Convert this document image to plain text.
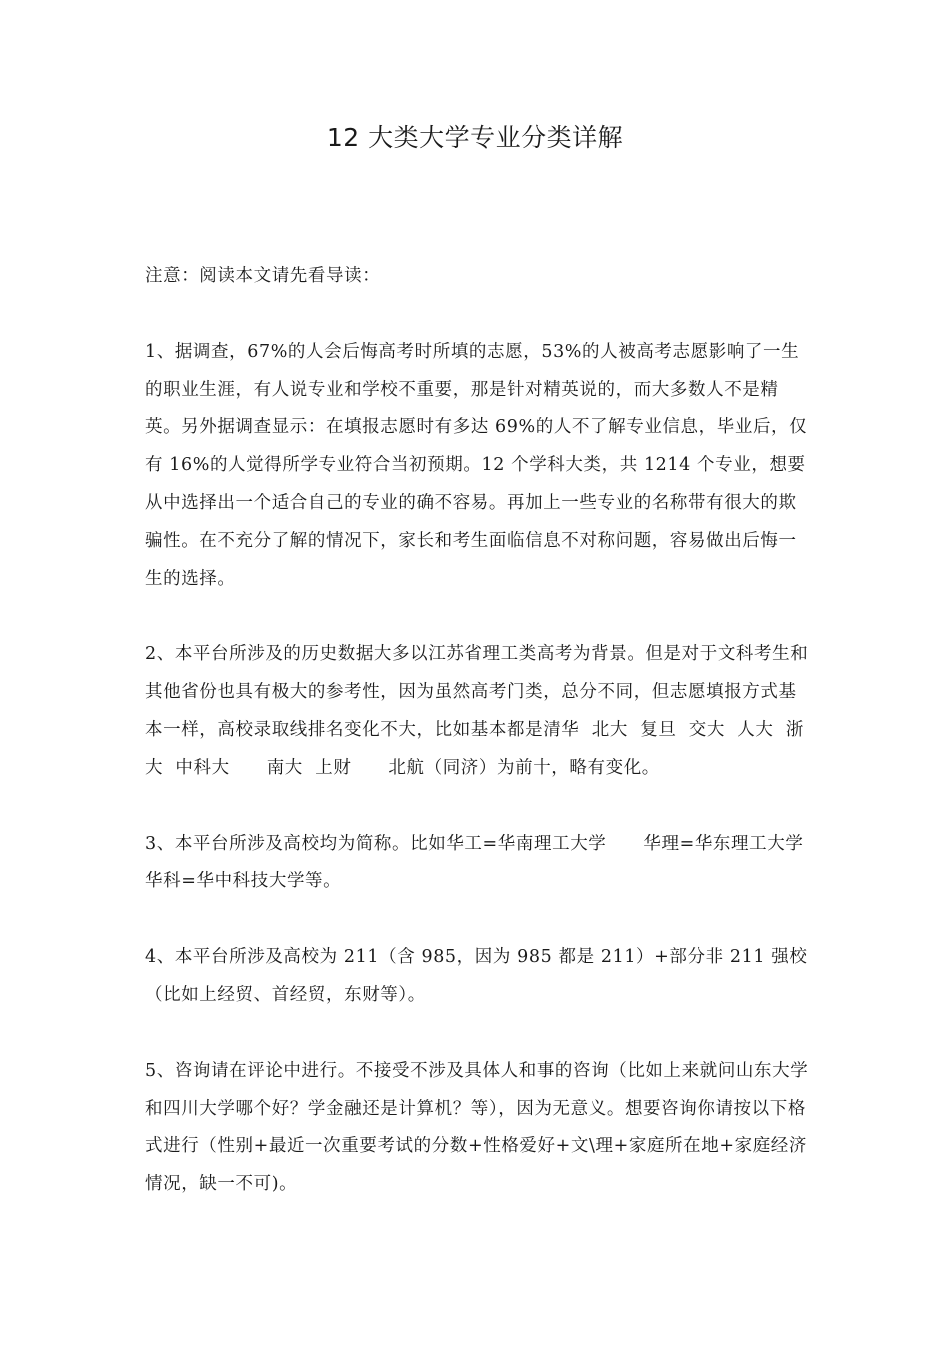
12 大类大学专业分类详解

注意：阅读本文请先看导读：

1、据调查，67%的人会后悔高考时所填的志愿，53%的人被高考志愿影响了一生的职业生涯，有人说专业和学校不重要，那是针对精英说的，而大多数人不是精英。另外据调查显示：在填报志愿时有多达 69%的人不了解专业信息，毕业后，仅有 16%的人觉得所学专业符合当初预期。12 个学科大类，共 1214 个专业，想要从中选择出一个适合自己的专业的确不容易。再加上一些专业的名称带有很大的欺骗性。在不充分了解的情况下，家长和考生面临信息不对称问题，容易做出后悔一生的选择。

2、本平台所涉及的历史数据大多以江苏省理工类高考为背景。但是对于文科考生和其他省份也具有极大的参考性，因为虽然高考门类，总分不同，但志愿填报方式基本一样，高校录取线排名变化不大，比如基本都是清华  北大  复旦  交大  人大  浙大  中科大      南大  上财      北航（同济）为前十，略有变化。

3、本平台所涉及高校均为简称。比如华工=华南理工大学      华理=华东理工大学      华科=华中科技大学等。

4、本平台所涉及高校为 211（含 985，因为 985 都是 211）+部分非 211 强校（比如上经贸、首经贸，东财等）。

5、咨询请在评论中进行。不接受不涉及具体人和事的咨询（比如上来就问山东大学和四川大学哪个好？学金融还是计算机？等），因为无意义。想要咨询你请按以下格式进行（性别+最近一次重要考试的分数+性格爱好+文\理+家庭所在地+家庭经济情况，缺一不可)。
